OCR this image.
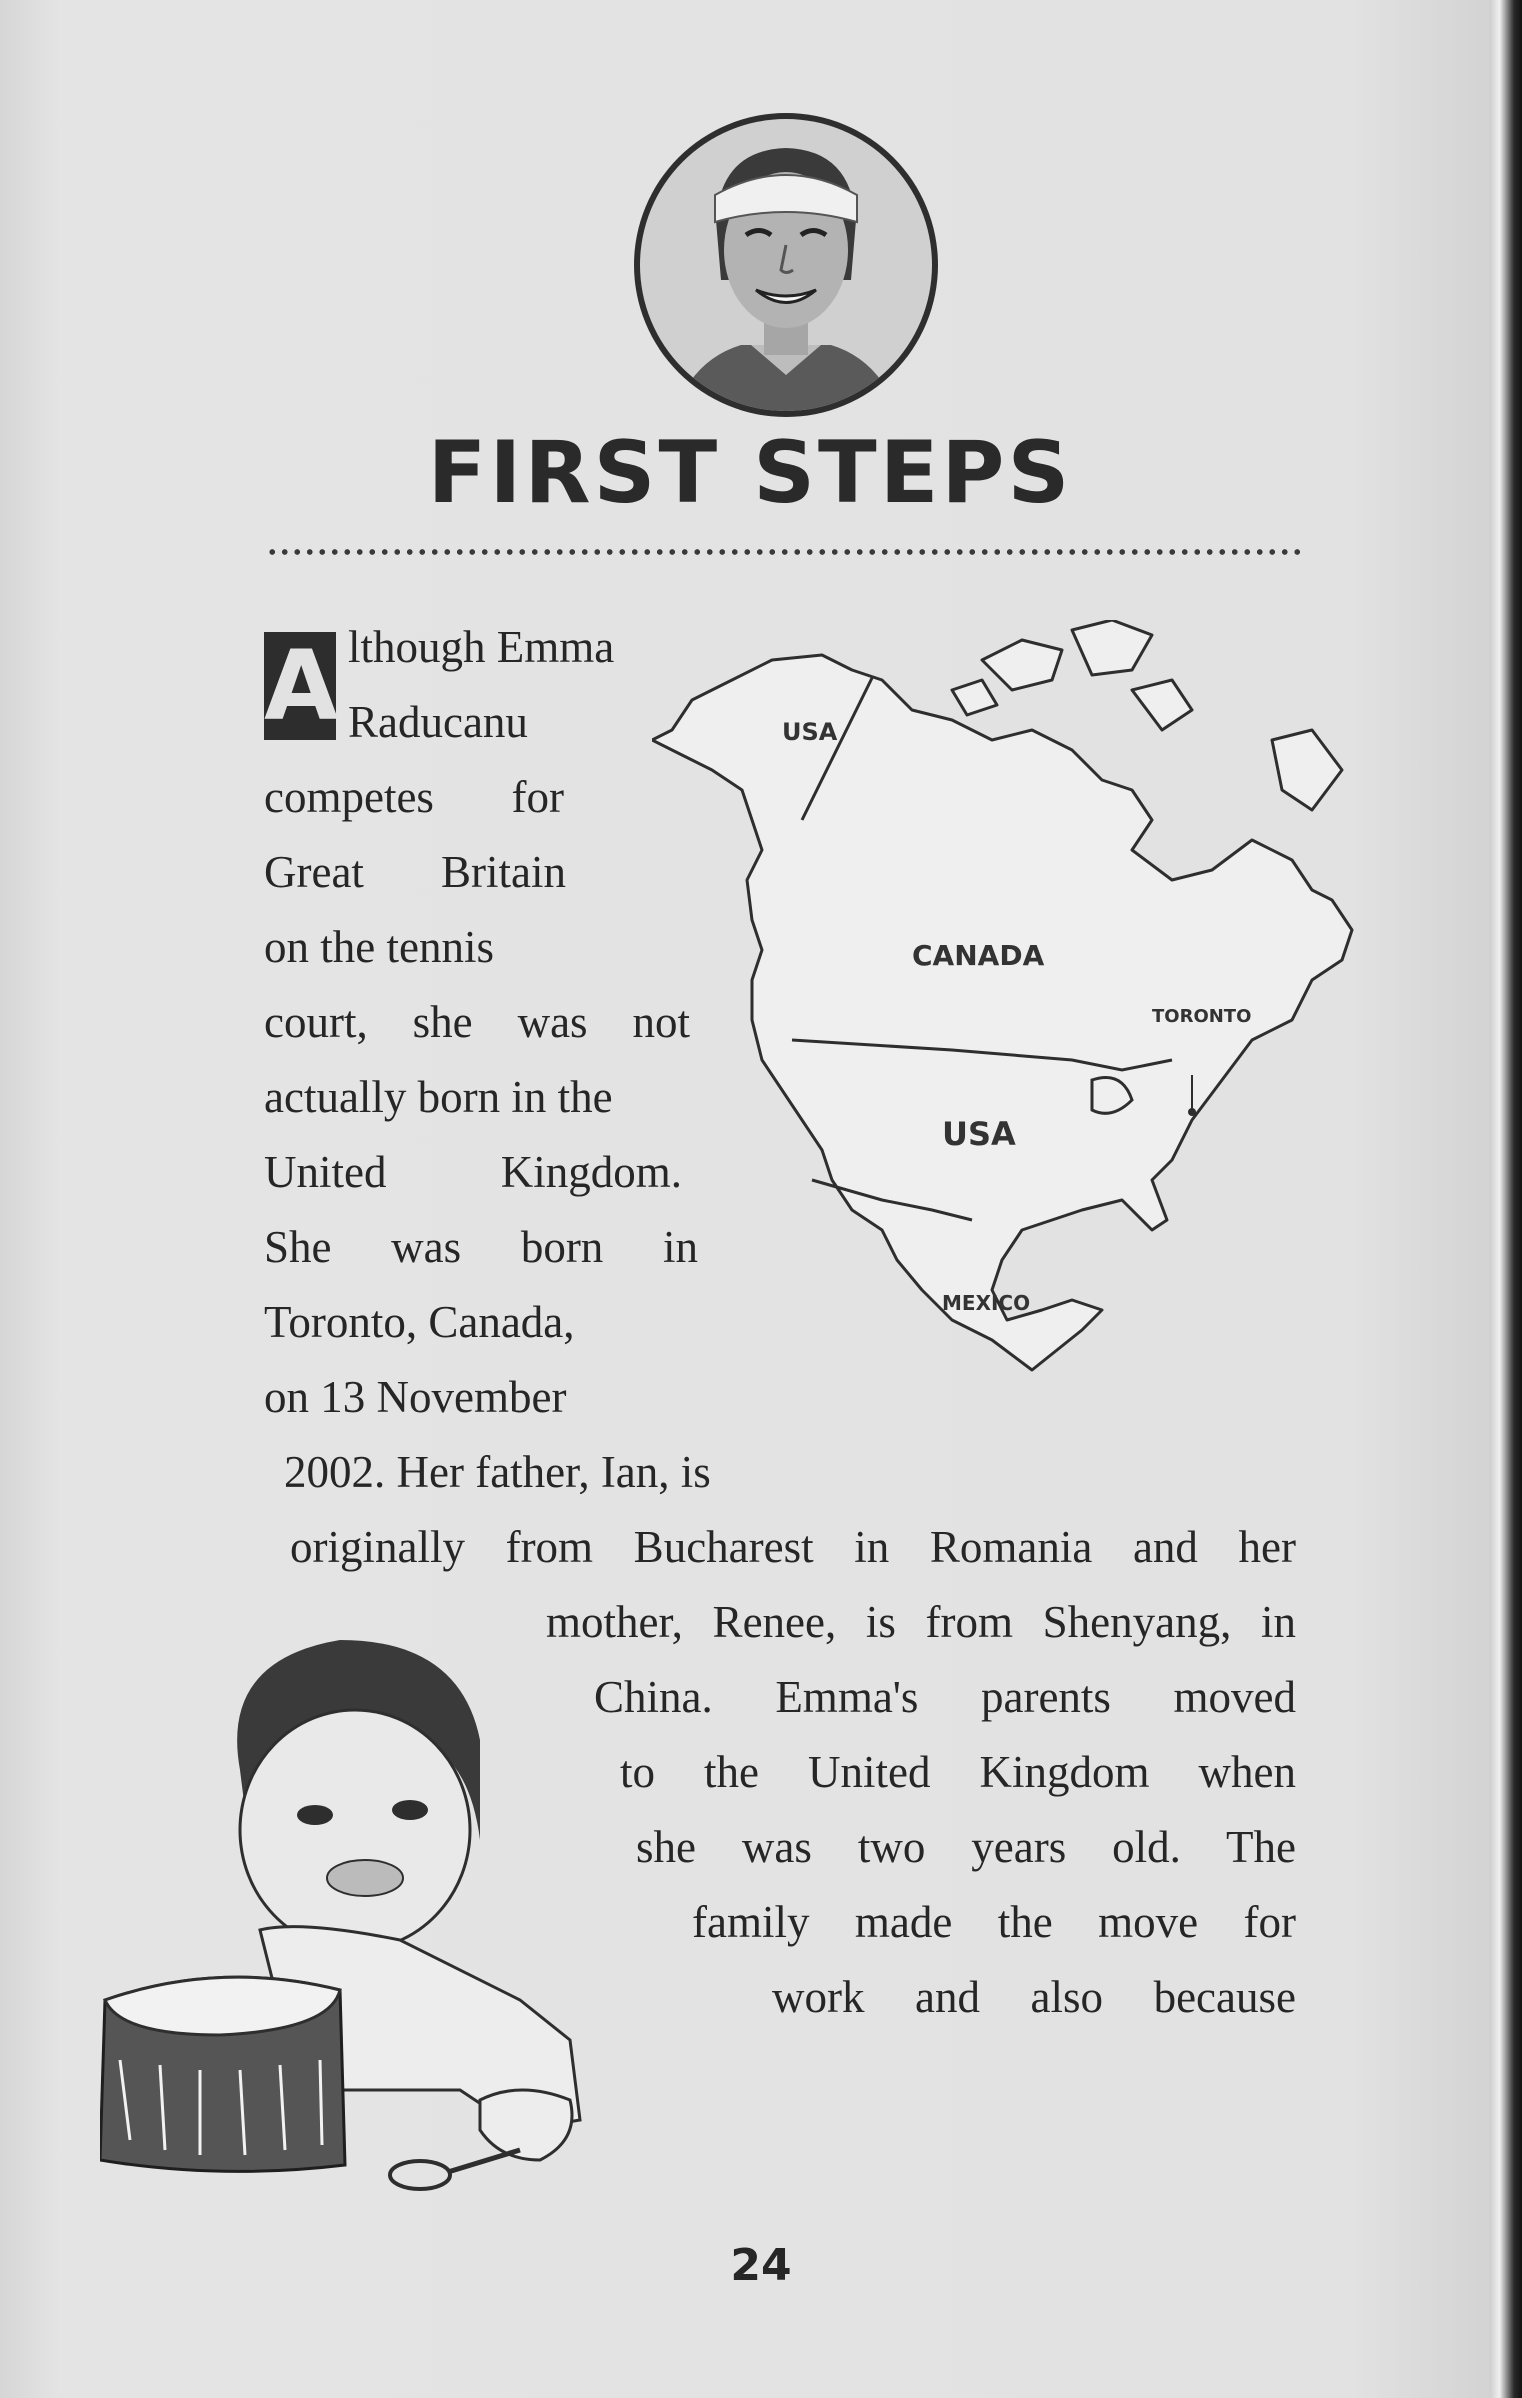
FIRST STEPS
A lthough Emma
Raducanu
competes for
Great Britain
on the tennis
court, she was not
actually born in the
United Kingdom.
She was born in
Toronto, Canada,
on 13 November
2002. Her father, Ian, is
originally from Bucharest in Romania and her
mother, Renee, is from Shenyang, in
China. Emma's parents moved
to the United Kingdom when
she was two years old. The
family made the move for
work and also because
USA
CANADA
TORONTO
USA
MEXICO
24
